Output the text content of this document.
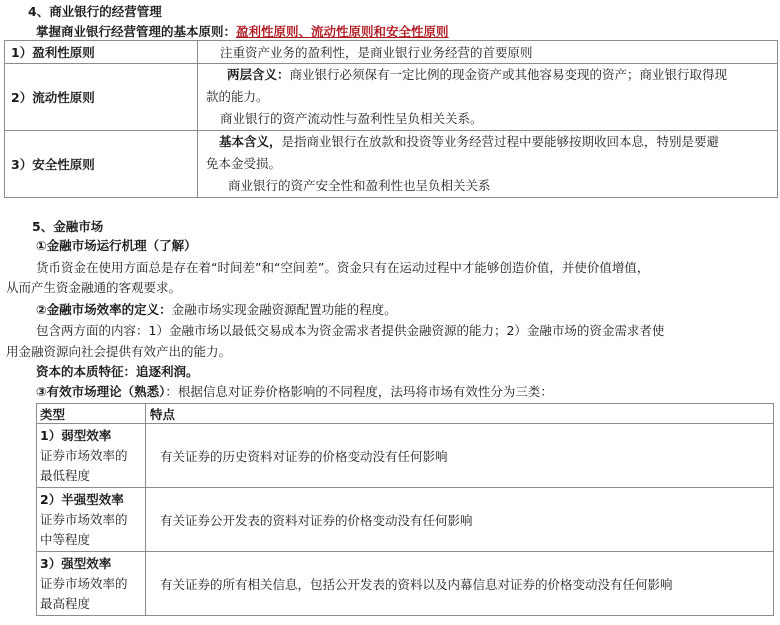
4、商业银行的经营管理
掌握商业银行经营管理的基本原则：盈利性原则、流动性原则和安全性原则
1）盈利性原则	注重资产业务的盈利性，是商业银行业务经营的首要原则
2）流动性原则	两层含义：商业银行必须保有一定比例的现金资产或其他容易变现的资产；商业银行取得现
款的能力。
商业银行的资产流动性与盈利性呈负相关关系。

3）安全性原则	基本含义，是指商业银行在放款和投资等业务经营过程中要能够按期收回本息，特别是要避
免本金受损。
商业银行的资产安全性和盈利性也呈负相关关系
5、金融市场
①金融市场运行机理（了解）
货币资金在使用方面总是存在着“时间差”和“空间差”。资金只有在运动过程中才能够创造价值，并使价值增值，
从而产生资金融通的客观要求。
②金融市场效率的定义：金融市场实现金融资源配置功能的程度。
包含两方面的内容：1）金融市场以最低交易成本为资金需求者提供金融资源的能力；2）金融市场的资金需求者使
用金融资源向社会提供有效产出的能力。
资本的本质特征：追逐利润。
③有效市场理论（熟悉）：根据信息对证券价格影响的不同程度，法玛将市场有效性分为三类：
类型	特点

1）弱型效率
证券市场效率的
最低程度	有关证券的历史资料对证券的价格变动没有任何影响

2）半强型效率
证券市场效率的
中等程度	有关证券公开发表的资料对证券的价格变动没有任何影响

3）强型效率
证券市场效率的
最高程度	有关证券的所有相关信息，包括公开发表的资料以及内幕信息对证券的价格变动没有任何影响
